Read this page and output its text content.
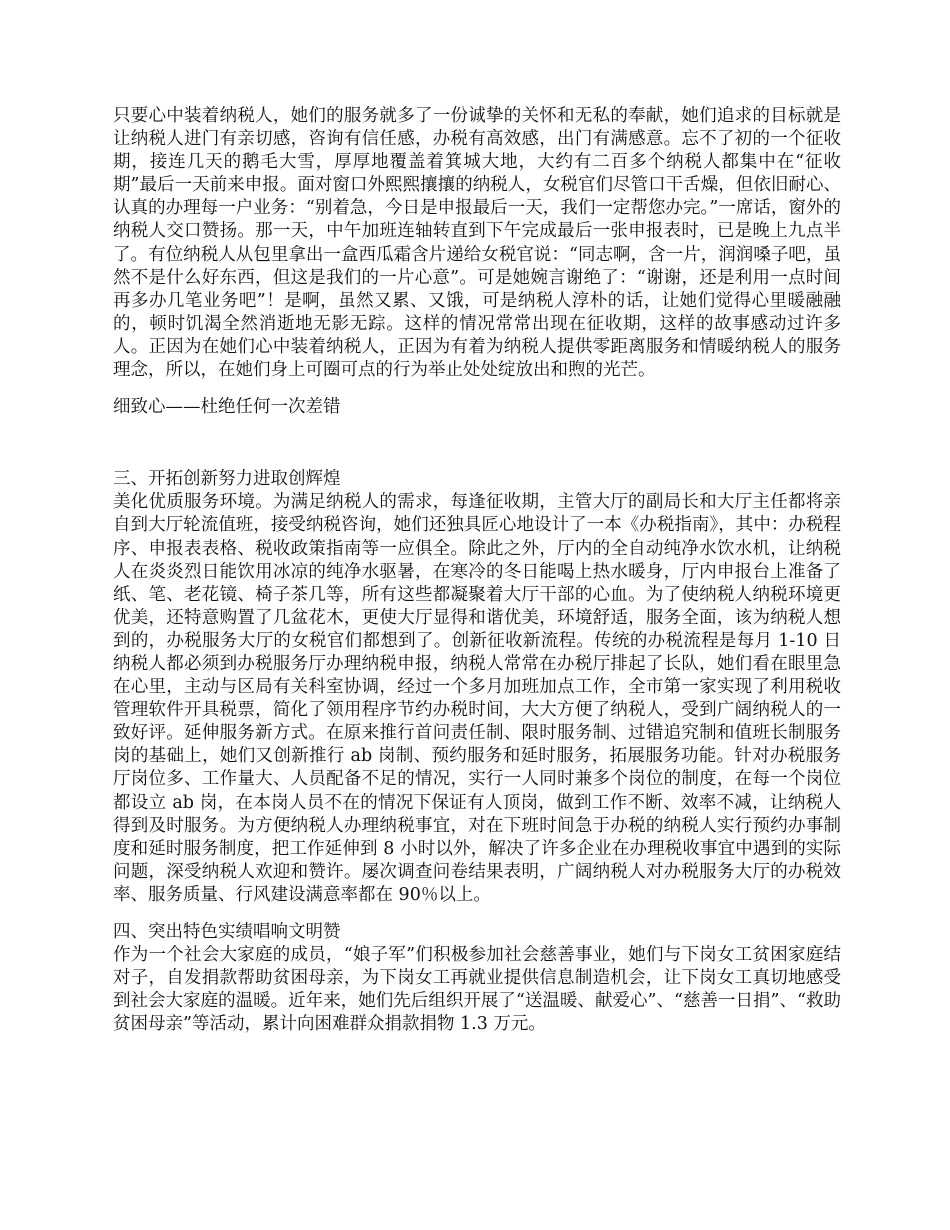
只要心中装着纳税人，她们的服务就多了一份诚挚的关怀和无私的奉献，她们追求的目标就是让纳税人进门有亲切感，咨询有信任感，办税有高效感，出门有满感意。忘不了初的一个征收期，接连几天的鹅毛大雪，厚厚地覆盖着箕城大地，大约有二百多个纳税人都集中在“征收期”最后一天前来申报。面对窗口外熙熙攘攘的纳税人，女税官们尽管口干舌燥，但依旧耐心、认真的办理每一户业务：“别着急，今日是申报最后一天，我们一定帮您办完。”一席话，窗外的纳税人交口赞扬。那一天，中午加班连轴转直到下午完成最后一张申报表时，已是晚上九点半了。有位纳税人从包里拿出一盒西瓜霜含片递给女税官说：“同志啊，含一片，润润嗓子吧，虽然不是什么好东西，但这是我们的一片心意”。可是她婉言谢绝了：“谢谢，还是利用一点时间再多办几笔业务吧”！是啊，虽然又累、又饿，可是纳税人淳朴的话，让她们觉得心里暖融融的，顿时饥渴全然消逝地无影无踪。这样的情况常常出现在征收期，这样的故事感动过许多人。正因为在她们心中装着纳税人，正因为有着为纳税人提供零距离服务和情暖纳税人的服务理念，所以，在她们身上可圈可点的行为举止处处绽放出和煦的光芒。

细致心——杜绝任何一次差错

三、开拓创新努力进取创辉煌

美化优质服务环境。为满足纳税人的需求，每逢征收期，主管大厅的副局长和大厅主任都将亲自到大厅轮流值班，接受纳税咨询，她们还独具匠心地设计了一本《办税指南》，其中：办税程序、申报表表格、税收政策指南等一应俱全。除此之外，厅内的全自动纯净水饮水机，让纳税人在炎炎烈日能饮用冰凉的纯净水驱暑，在寒冷的冬日能喝上热水暖身，厅内申报台上准备了纸、笔、老花镜、椅子茶几等，所有这些都凝聚着大厅干部的心血。为了使纳税人纳税环境更优美，还特意购置了几盆花木，更使大厅显得和谐优美，环境舒适，服务全面，该为纳税人想到的，办税服务大厅的女税官们都想到了。创新征收新流程。传统的办税流程是每月 1-10 日纳税人都必须到办税服务厅办理纳税申报，纳税人常常在办税厅排起了长队，她们看在眼里急在心里，主动与区局有关科室协调，经过一个多月加班加点工作，全市第一家实现了利用税收管理软件开具税票，简化了领用程序节约办税时间，大大方便了纳税人，受到广阔纳税人的一致好评。延伸服务新方式。在原来推行首问责任制、限时服务制、过错追究制和值班长制服务岗的基础上，她们又创新推行 ab 岗制、预约服务和延时服务，拓展服务功能。针对办税服务厅岗位多、工作量大、人员配备不足的情况，实行一人同时兼多个岗位的制度，在每一个岗位都设立 ab 岗，在本岗人员不在的情况下保证有人顶岗，做到工作不断、效率不减，让纳税人得到及时服务。为方便纳税人办理纳税事宜，对在下班时间急于办税的纳税人实行预约办事制度和延时服务制度，把工作延伸到 8 小时以外，解决了许多企业在办理税收事宜中遇到的实际问题，深受纳税人欢迎和赞许。屡次调查问卷结果表明，广阔纳税人对办税服务大厅的办税效率、服务质量、行风建设满意率都在 90％以上。

四、突出特色实绩唱响文明赞

作为一个社会大家庭的成员，“娘子军”们积极参加社会慈善事业，她们与下岗女工贫困家庭结对子，自发捐款帮助贫困母亲，为下岗女工再就业提供信息制造机会，让下岗女工真切地感受到社会大家庭的温暖。近年来，她们先后组织开展了“送温暖、献爱心”、“慈善一日捐”、“救助贫困母亲”等活动，累计向困难群众捐款捐物 1.3 万元。
